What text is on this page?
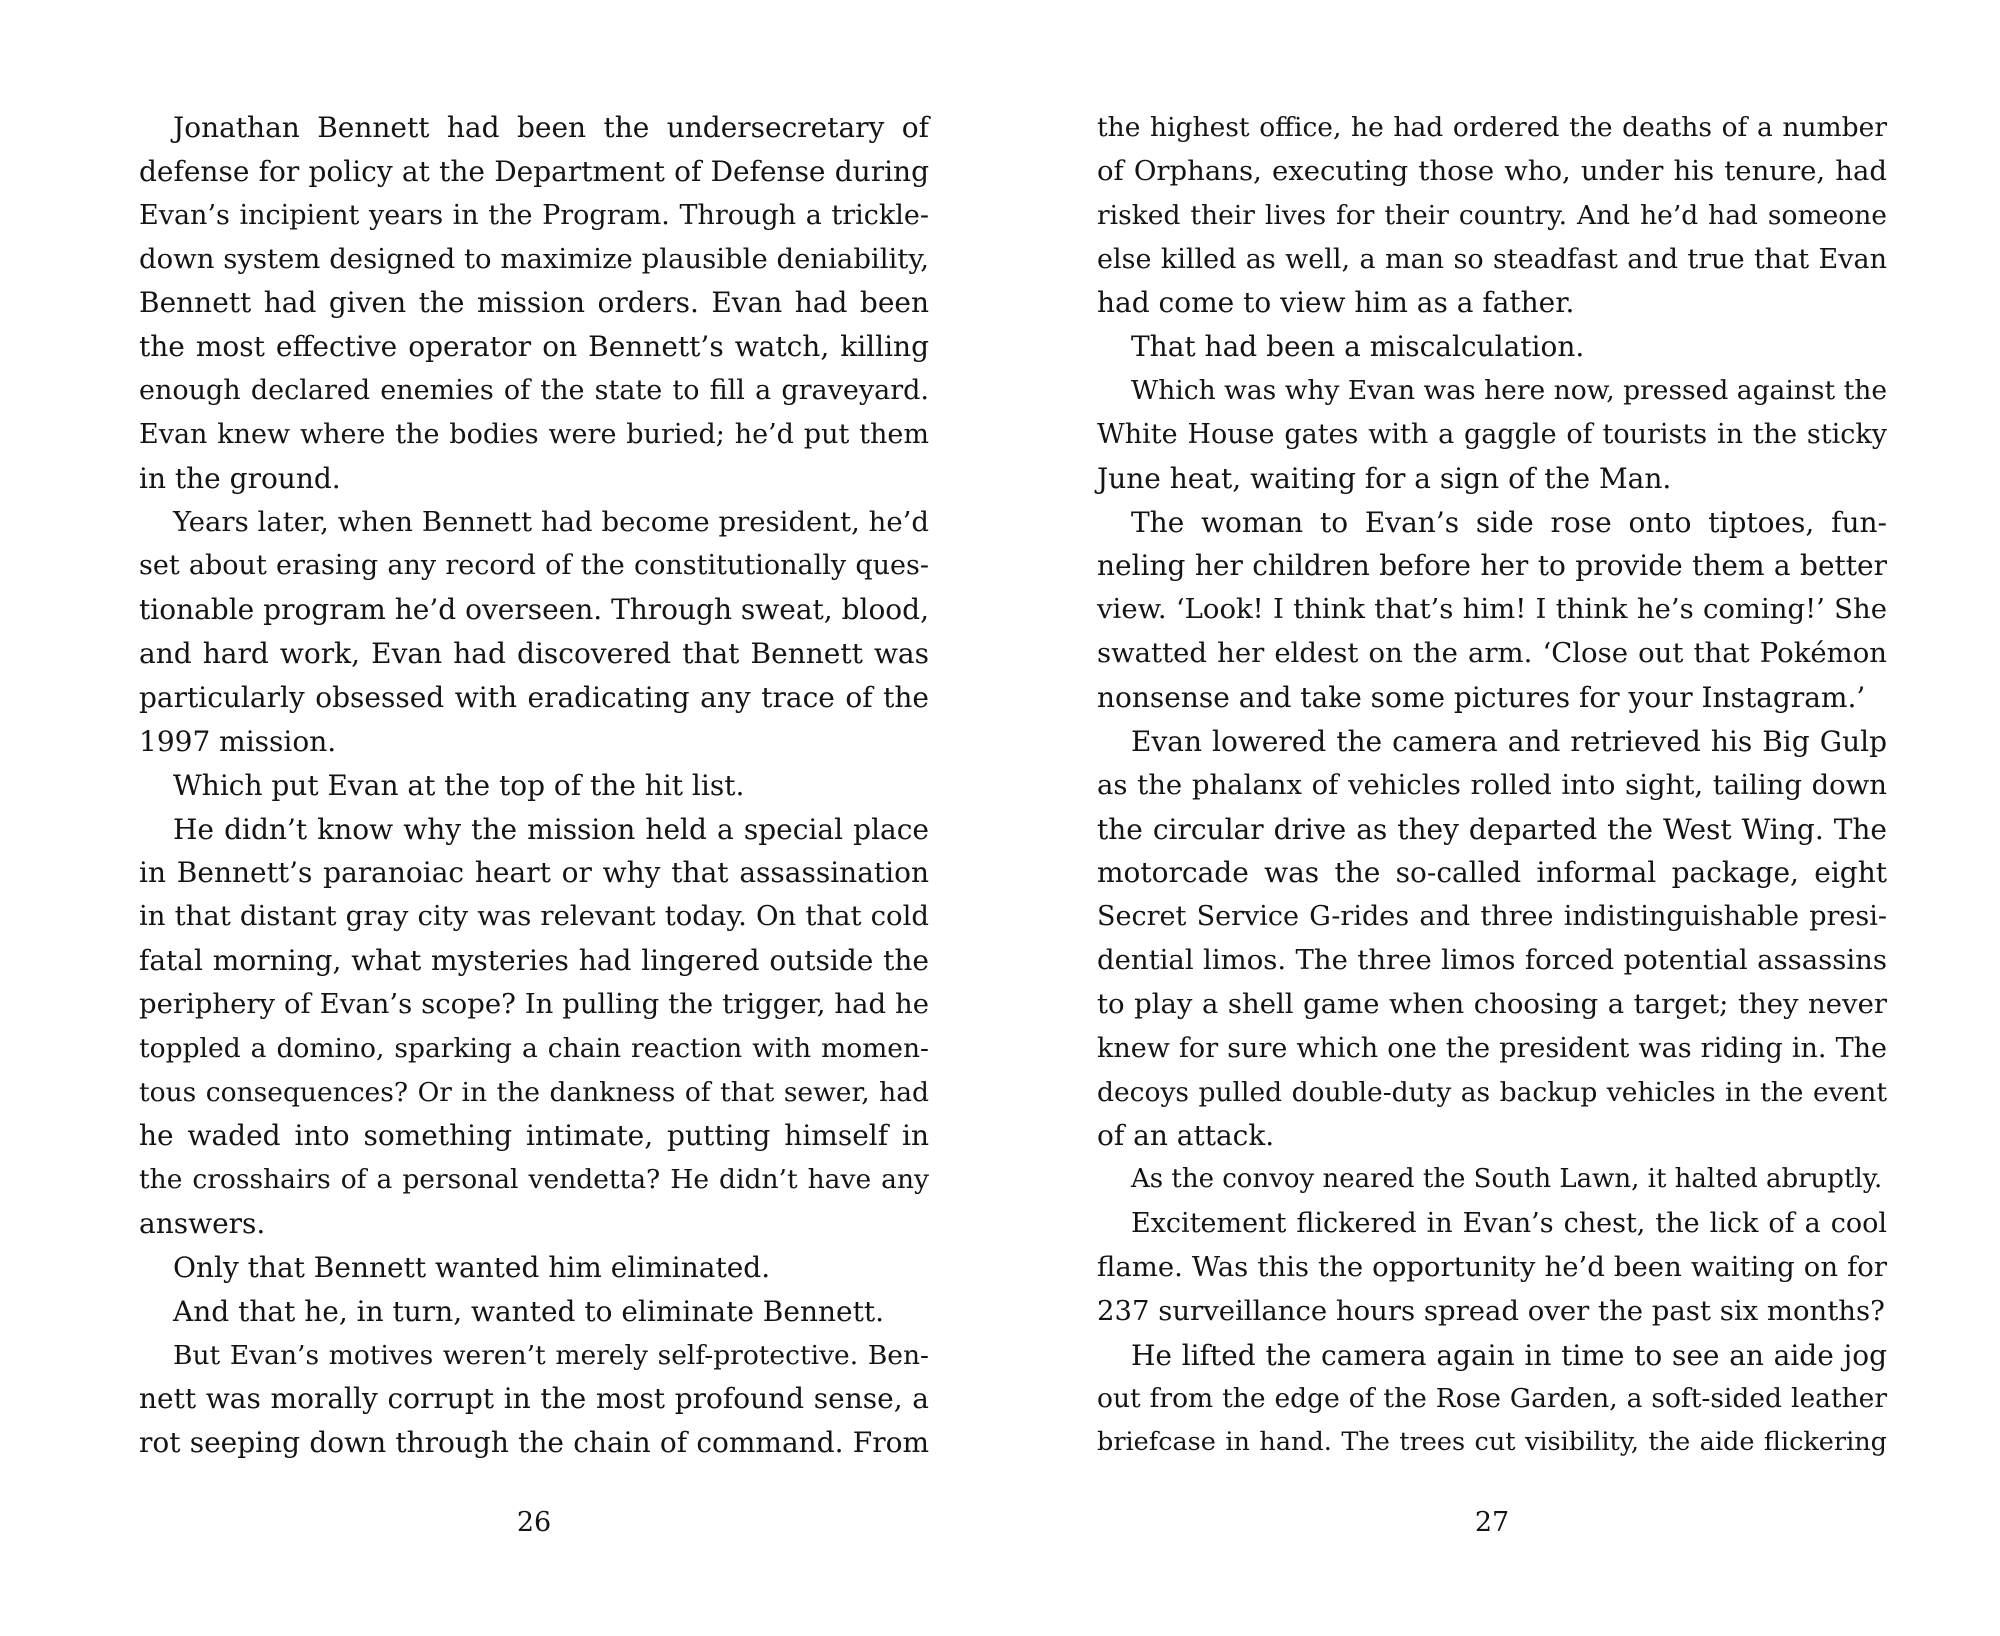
Jonathan Bennett had been the undersecretary of
defense for policy at the Department of Defense during
Evan’s incipient years in the Program. Through a trickle-
down system designed to maximize plausible deniability,
Bennett had given the mission orders. Evan had been
the most effective operator on Bennett’s watch, killing
enough declared enemies of the state to fill a graveyard.
Evan knew where the bodies were buried; he’d put them
in the ground.
Years later, when Bennett had become president, he’d
set about erasing any record of the constitutionally ques-
tionable program he’d overseen. Through sweat, blood,
and hard work, Evan had discovered that Bennett was
particularly obsessed with eradicating any trace of the
1997 mission.
Which put Evan at the top of the hit list.
He didn’t know why the mission held a special place
in Bennett’s paranoiac heart or why that assassination
in that distant gray city was relevant today. On that cold
fatal morning, what mysteries had lingered outside the
periphery of Evan’s scope? In pulling the trigger, had he
toppled a domino, sparking a chain reaction with momen-
tous consequences? Or in the dankness of that sewer, had
he waded into something intimate, putting himself in
the crosshairs of a personal vendetta? He didn’t have any
answers.
Only that Bennett wanted him eliminated.
And that he, in turn, wanted to eliminate Bennett.
But Evan’s motives weren’t merely self-protective. Ben-
nett was morally corrupt in the most profound sense, a
rot seeping down through the chain of command. From
the highest office, he had ordered the deaths of a number
of Orphans, executing those who, under his tenure, had
risked their lives for their country. And he’d had someone
else killed as well, a man so steadfast and true that Evan
had come to view him as a father.
That had been a miscalculation.
Which was why Evan was here now, pressed against the
White House gates with a gaggle of tourists in the sticky
June heat, waiting for a sign of the Man.
The woman to Evan’s side rose onto tiptoes, fun-
neling her children before her to provide them a better
view. ‘Look! I think that’s him! I think he’s coming!’ She
swatted her eldest on the arm. ‘Close out that Pokémon
nonsense and take some pictures for your Instagram.’
Evan lowered the camera and retrieved his Big Gulp
as the phalanx of vehicles rolled into sight, tailing down
the circular drive as they departed the West Wing. The
motorcade was the so-called informal package, eight
Secret Service G-rides and three indistinguishable presi-
dential limos. The three limos forced potential assassins
to play a shell game when choosing a target; they never
knew for sure which one the president was riding in. The
decoys pulled double-duty as backup vehicles in the event
of an attack.
As the convoy neared the South Lawn, it halted abruptly.
Excitement flickered in Evan’s chest, the lick of a cool
flame. Was this the opportunity he’d been waiting on for
237 surveillance hours spread over the past six months?
He lifted the camera again in time to see an aide jog
out from the edge of the Rose Garden, a soft-sided leather
briefcase in hand. The trees cut visibility, the aide flickering
26	27
